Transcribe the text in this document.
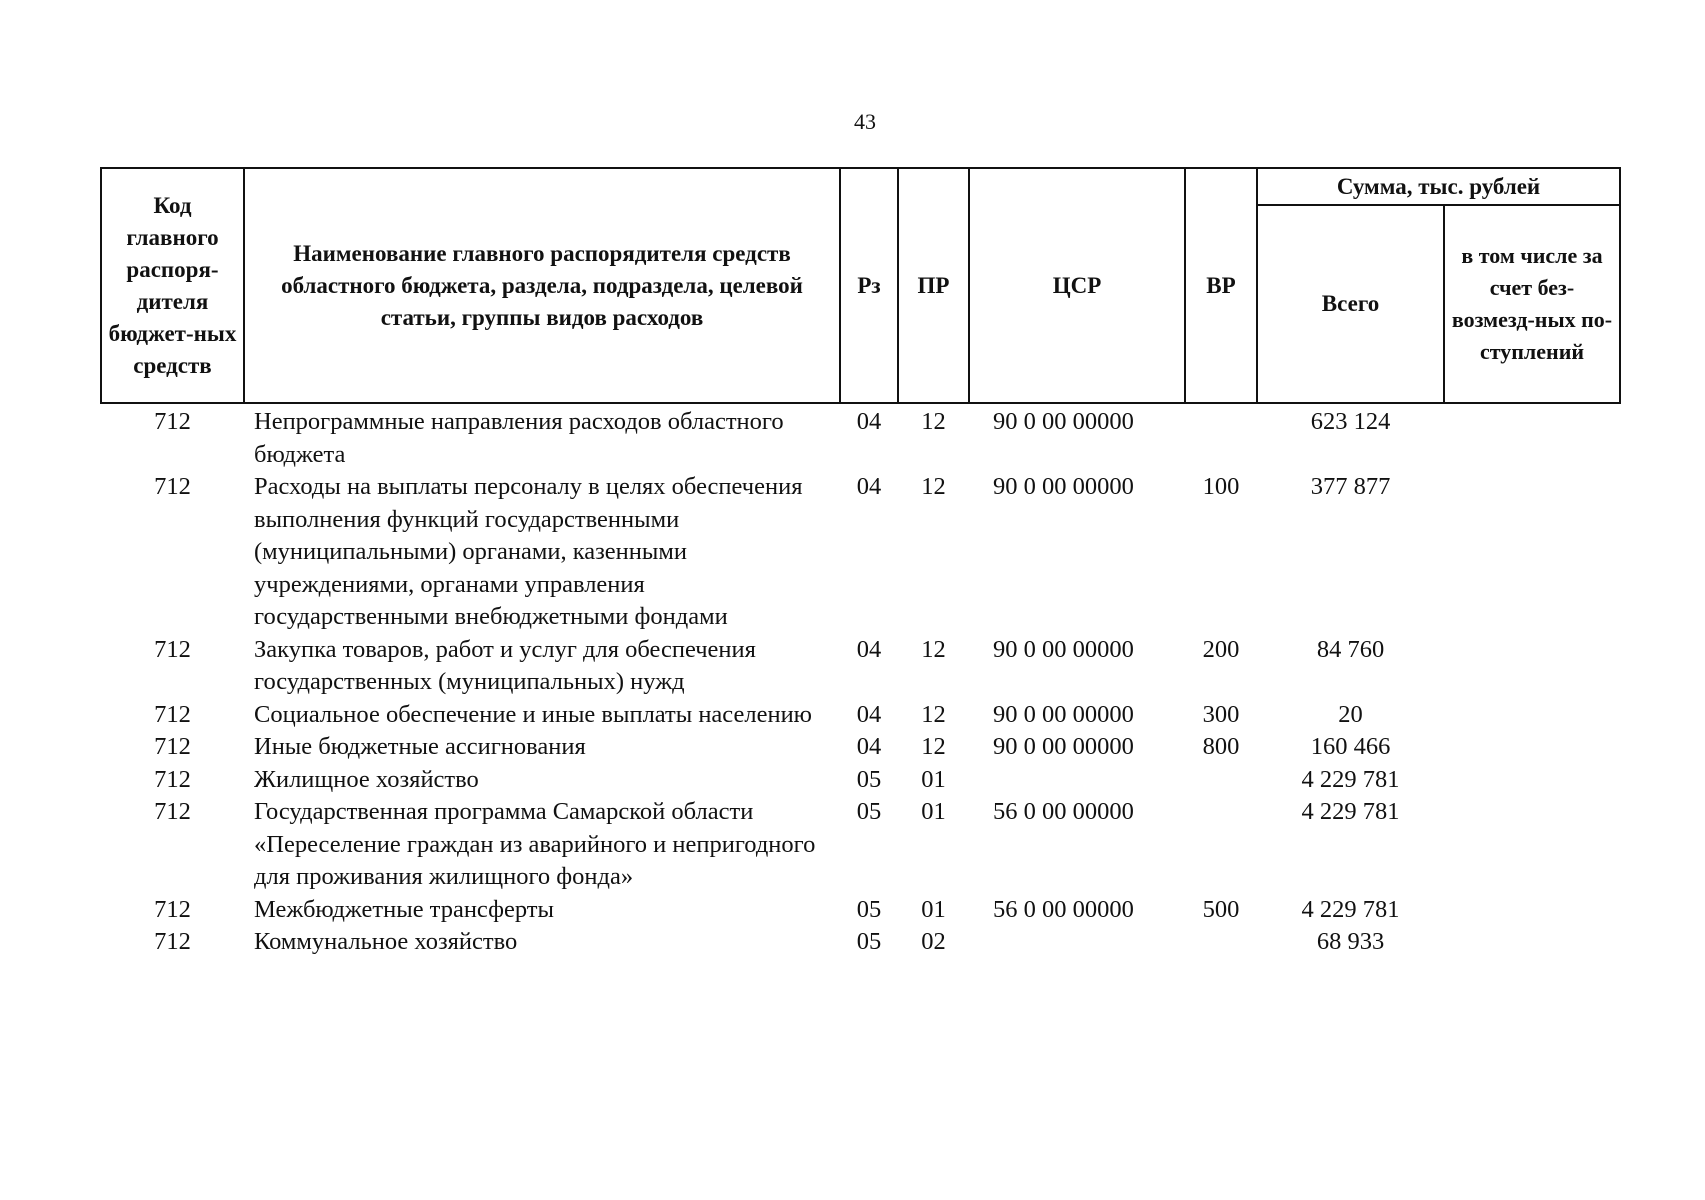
43
Код главного распоря-дителя бюджет-ных средств	Наименование главного распорядителя средств областного бюджета, раздела, подраздела, целевой статьи, группы видов расходов	Рз	ПР	ЦСР	ВР	Сумма, тыс. рублей	
						Всего	в том числе за счет без-возмезд-ных по-ступлений
712	Непрограммные направления расходов областного бюджета	04	12	90 0 00 00000		623 124	
712	Расходы на выплаты персоналу в целях обеспечения выполнения функций государственными (муниципальными) органами, казенными учреждениями, органами управления государственными внебюджетными фондами	04	12	90 0 00 00000	100	377 877	
712	Закупка товаров, работ и услуг для обеспечения государственных (муниципальных) нужд	04	12	90 0 00 00000	200	84 760	
712	Социальное обеспечение и иные выплаты населению	04	12	90 0 00 00000	300	20	
712	Иные бюджетные ассигнования	04	12	90 0 00 00000	800	160 466	
712	Жилищное хозяйство	05	01			4 229 781	
712	Государственная программа Самарской области «Переселение граждан из аварийного и непригодного для проживания жилищного фонда»	05	01	56 0 00 00000		4 229 781	
712	Межбюджетные трансферты	05	01	56 0 00 00000	500	4 229 781	
712	Коммунальное хозяйство	05	02			68 933	
